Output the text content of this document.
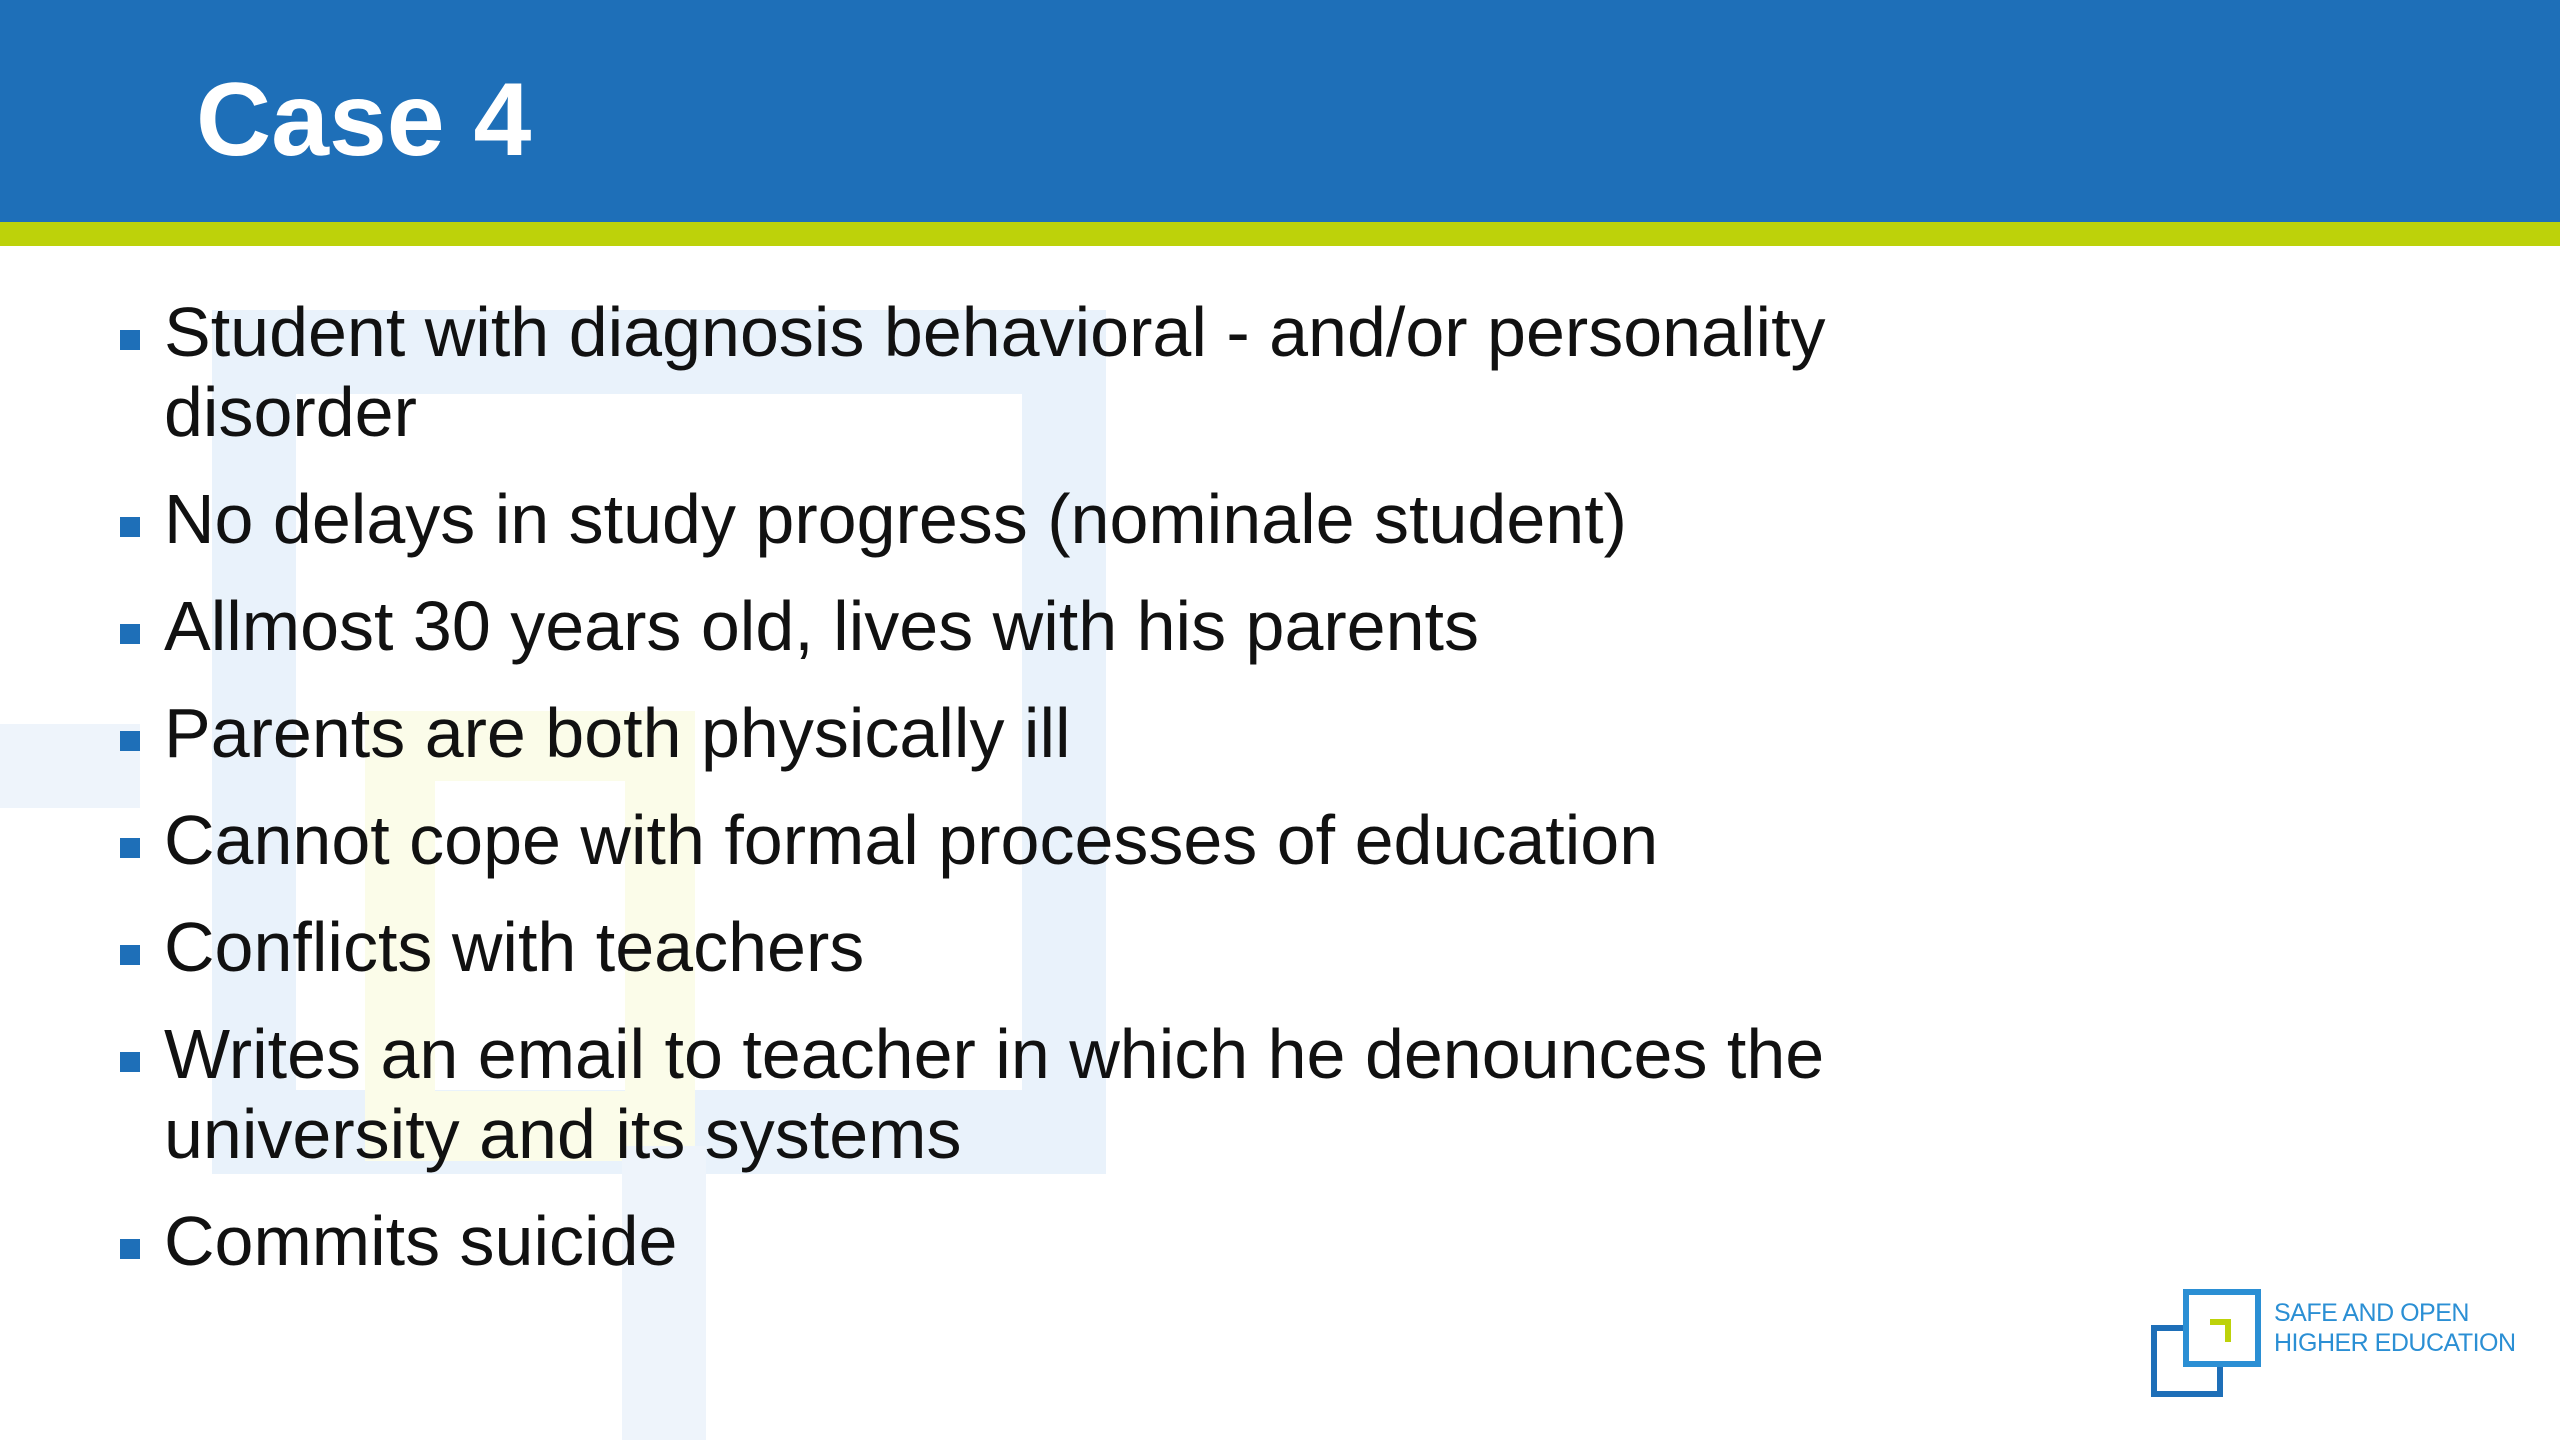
Case 4
Student with diagnosis behavioral - and/or personality disorder
No delays in study progress (nominale student)
Allmost 30 years old, lives with his parents
Parents are both physically ill
Cannot cope with formal processes of education
Conflicts with teachers
Writes an email to teacher in which he denounces the university and its systems
Commits suicide
SAFE AND OPEN
HIGHER EDUCATION
